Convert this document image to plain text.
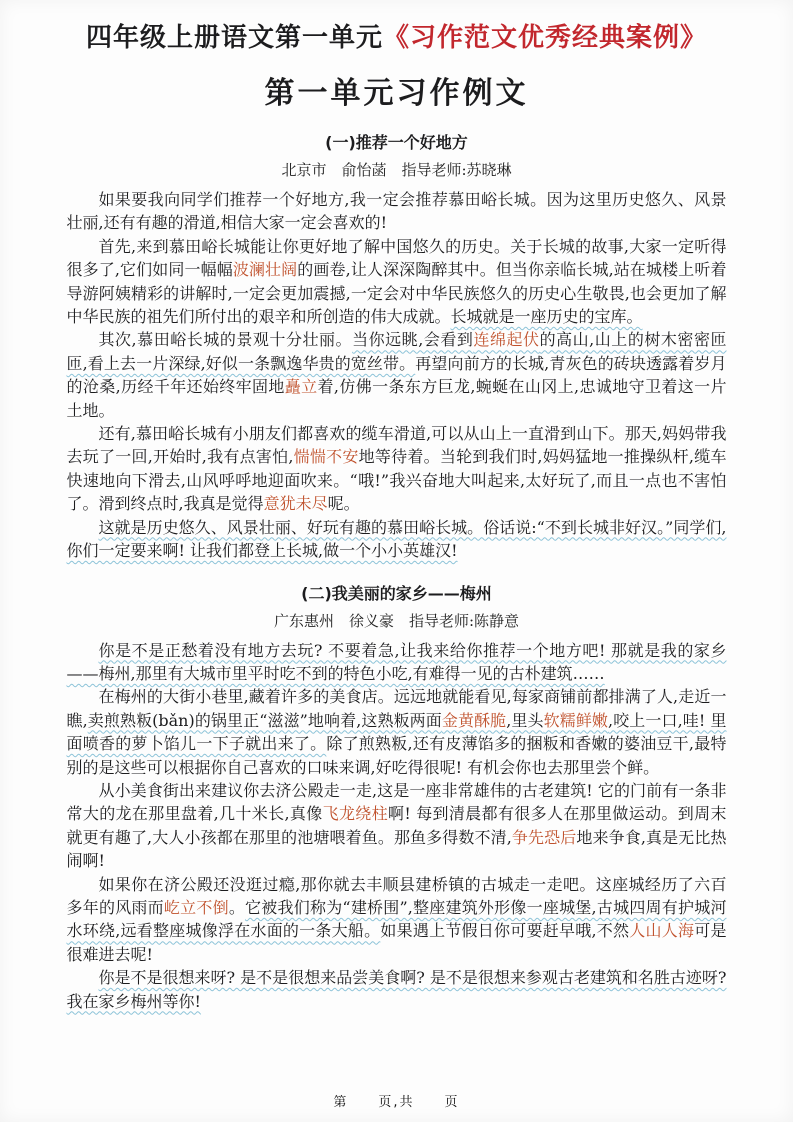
四年级上册语文第一单元《习作范文优秀经典案例》
第一单元习作例文
(一)推荐一个好地方
北京市　俞怡菡　指导老师:苏晓琳

如果要我向同学们推荐一个好地方,我一定会推荐慕田峪长城。因为这里历史悠久、风景壮丽,还有有趣的滑道,相信大家一定会喜欢的!

首先,来到慕田峪长城能让你更好地了解中国悠久的历史。关于长城的故事,大家一定听得很多了,它们如同一幅幅波澜壮阔的画卷,让人深深陶醉其中。但当你亲临长城,站在城楼上听着导游阿姨精彩的讲解时,一定会更加震撼,一定会对中华民族悠久的历史心生敬畏,也会更加了解中华民族的祖先们所付出的艰辛和所创造的伟大成就。长城就是一座历史的宝库。

其次,慕田峪长城的景观十分壮丽。当你远眺,会看到连绵起伏的高山,山上的树木密密匝匝,看上去一片深绿,好似一条飘逸华贵的宽丝带。再望向前方的长城,青灰色的砖块透露着岁月的沧桑,历经千年还始终牢固地矗立着,仿佛一条东方巨龙,蜿蜒在山冈上,忠诚地守卫着这一片土地。

还有,慕田峪长城有小朋友们都喜欢的缆车滑道,可以从山上一直滑到山下。那天,妈妈带我去玩了一回,开始时,我有点害怕,惴惴不安地等待着。当轮到我们时,妈妈猛地一推操纵杆,缆车快速地向下滑去,山风呼呼地迎面吹来。“哦!”我兴奋地大叫起来,太好玩了,而且一点也不害怕了。滑到终点时,我真是觉得意犹未尽呢。

这就是历史悠久、风景壮丽、好玩有趣的慕田峪长城。俗话说:“不到长城非好汉。”同学们,你们一定要来啊! 让我们都登上长城,做一个小小英雄汉!

(二)我美丽的家乡——梅州
广东惠州　徐义豪　指导老师:陈静意

你是不是正愁着没有地方去玩? 不要着急,让我来给你推荐一个地方吧! 那就是我的家乡——梅州,那里有大城市里平时吃不到的特色小吃,有难得一见的古朴建筑……

在梅州的大街小巷里,藏着许多的美食店。远远地就能看见,每家商铺前都排满了人,走近一瞧,卖煎熟粄(bǎn)的锅里正“滋滋”地响着,这熟粄两面金黄酥脆,里头软糯鲜嫩,咬上一口,哇! 里面喷香的萝卜馅儿一下子就出来了。除了煎熟粄,还有皮薄馅多的捆粄和香嫩的婆油豆干,最特别的是这些可以根据你自己喜欢的口味来调,好吃得很呢! 有机会你也去那里尝个鲜。

从小美食街出来建议你去济公殿走一走,这是一座非常雄伟的古老建筑! 它的门前有一条非常大的龙在那里盘着,几十米长,真像飞龙绕柱啊! 每到清晨都有很多人在那里做运动。到周末就更有趣了,大人小孩都在那里的池塘喂着鱼。那鱼多得数不清,争先恐后地来争食,真是无比热闹啊!

如果你在济公殿还没逛过瘾,那你就去丰顺县建桥镇的古城走一走吧。这座城经历了六百多年的风雨而屹立不倒。它被我们称为“建桥围”,整座建筑外形像一座城堡,古城四周有护城河水环绕,远看整座城像浮在水面的一条大船。如果遇上节假日你可要赶早哦,不然人山人海可是很难进去呢!

你是不是很想来呀? 是不是很想来品尝美食啊? 是不是很想来参观古老建筑和名胜古迹呀? 我在家乡梅州等你!

第　　页,共　　页
